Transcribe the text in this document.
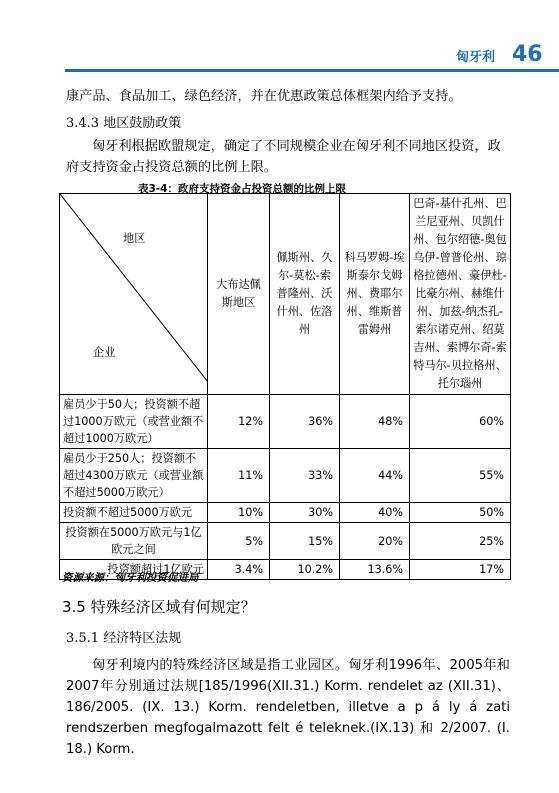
匈牙利 46
康产品、食品加工、绿色经济，并在优惠政策总体框架内给予支持。
3.4.3 地区鼓励政策
匈牙利根据欧盟规定，确定了不同规模企业在匈牙利不同地区投资，政府支持资金占投资总额的比例上限。
表3-4：政府支持资金占投资总额的比例上限
地区
企业	大布达佩斯地区	佩斯州、久尔-莫松-索普隆州、沃什州、佐洛州	科马罗姆-埃斯泰尔戈姆州、费耶尔州、维斯普雷姆州	巴奇-基什孔州、巴兰尼亚州、贝凯什州、包尔绍德-奥包乌伊-曾普伦州、琼格拉德州、豪伊杜-比豪尔州、赫维什州、加兹-纳杰孔-索尔诺克州、绍莫吉州、索博尔奇-索特马尔-贝拉格州、托尔瑙州
雇员少于50人；投资额不超过1000万欧元（或营业额不超过1000万欧元）	12%	36%	48%	60%
雇员少于250人；投资额不超过4300万欧元（或营业额不超过5000万欧元）	11%	33%	44%	55%
投资额不超过5000万欧元	10%	30%	40%	50%
投资额在5000万欧元与1亿欧元之间	5%	15%	20%	25%
投资额超过1亿欧元	3.4%	10.2%	13.6%	17%
资源来源：匈牙利投资促进局
3.5 特殊经济区域有何规定？
3.5.1 经济特区法规
匈牙利境内的特殊经济区域是指工业园区。匈牙利1996年、2005年和2007年分别通过法规[185/1996(XII.31.) Korm. rendelet az (XII.31)、186/2005. (IX. 13.) Korm. rendeletben, illetve a p á ly á zati rendszerben megfogalmazott felt é teleknek.(IX.13) 和 2/2007. (I. 18.) Korm.
